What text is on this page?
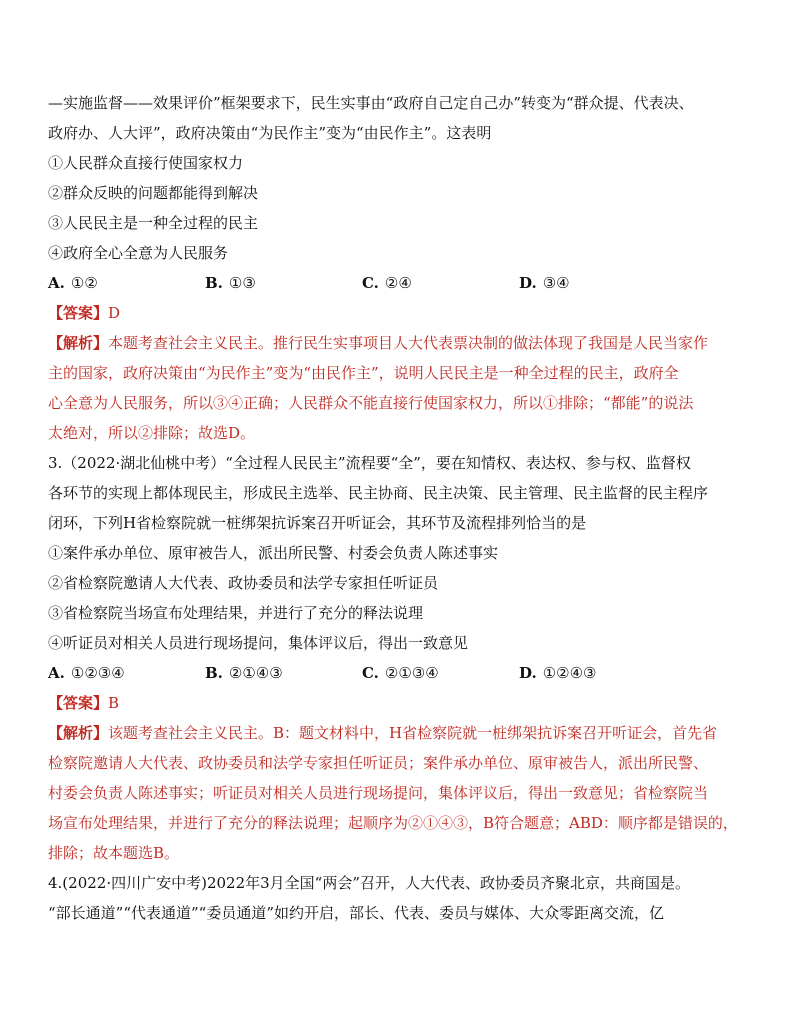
—实施监督——效果评价”框架要求下，民生实事由“政府自己定自己办”转变为“群众提、代表决、
政府办、人大评”，政府决策由“为民作主”变为“由民作主”。这表明
①人民群众直接行使国家权力
②群众反映的问题都能得到解决
③人民民主是一种全过程的民主
④政府全心全意为人民服务
A. ①②	B. ①③	C. ②④	D. ③④
【答案】D
【解析】本题考查社会主义民主。推行民生实事项目人大代表票决制的做法体现了我国是人民当家作
主的国家，政府决策由“为民作主”变为“由民作主”，说明人民民主是一种全过程的民主，政府全
心全意为人民服务，所以③④正确；人民群众不能直接行使国家权力，所以①排除；“都能”的说法
太绝对，所以②排除；故选D。
3.（2022·湖北仙桃中考）“全过程人民民主”流程要“全”，要在知情权、表达权、参与权、监督权
各环节的实现上都体现民主，形成民主选举、民主协商、民主决策、民主管理、民主监督的民主程序
闭环，下列H省检察院就一桩绑架抗诉案召开听证会，其环节及流程排列恰当的是
①案件承办单位、原审被告人，派出所民警、村委会负责人陈述事实
②省检察院邀请人大代表、政协委员和法学专家担任听证员
③省检察院当场宣布处理结果，并进行了充分的释法说理
④听证员对相关人员进行现场提问，集体评议后，得出一致意见
A. ①②③④	B. ②①④③	C. ②①③④	D. ①②④③
【答案】B
【解析】该题考查社会主义民主。B：题文材料中，H省检察院就一桩绑架抗诉案召开听证会，首先省
检察院邀请人大代表、政协委员和法学专家担任听证员；案件承办单位、原审被告人，派出所民警、
村委会负责人陈述事实；听证员对相关人员进行现场提问，集体评议后，得出一致意见；省检察院当
场宣布处理结果，并进行了充分的释法说理；起顺序为②①④③，B符合题意；ABD：顺序都是错误的，
排除；故本题选B。
4.(2022·四川广安中考)2022年3月全国“两会”召开，人大代表、政协委员齐聚北京，共商国是。
“部长通道”“代表通道”“委员通道”如约开启，部长、代表、委员与媒体、大众零距离交流，亿
